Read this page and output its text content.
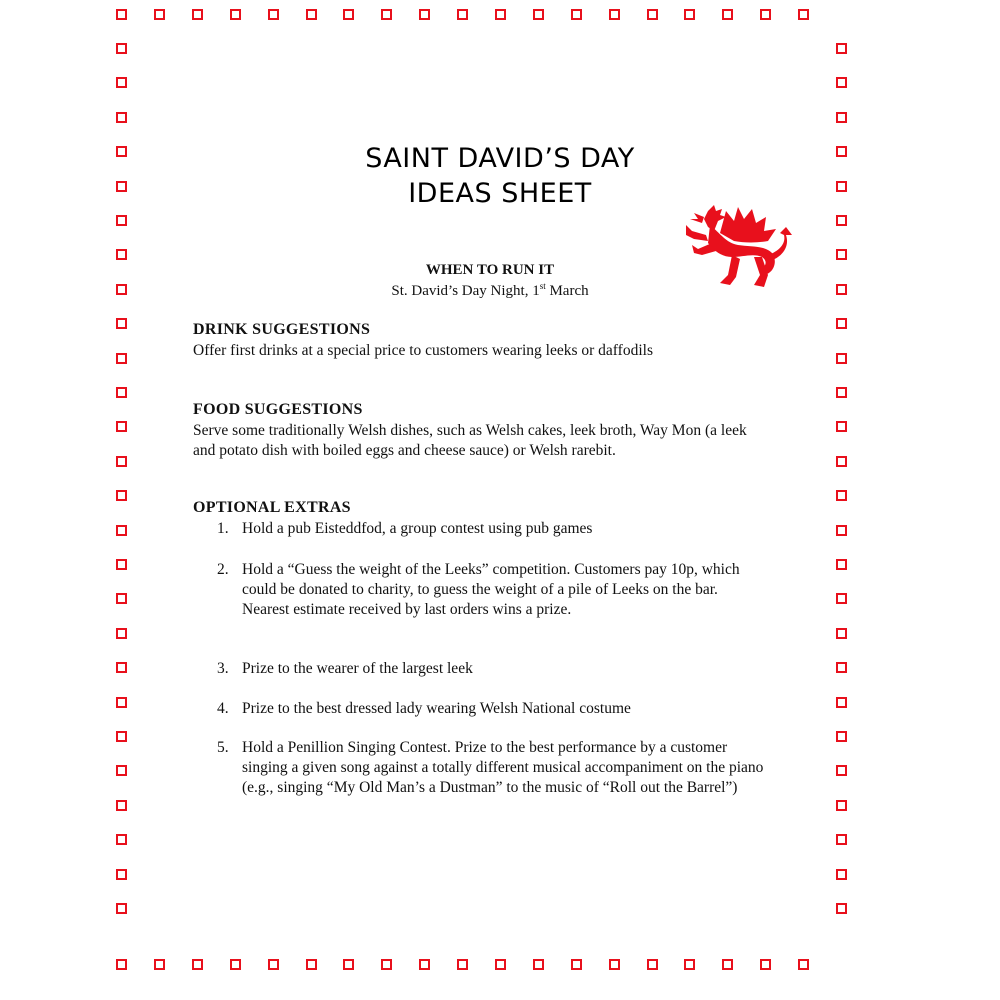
SAINT DAVID’S DAY
IDEAS SHEET
WHEN TO RUN IT
St. David’s Day Night, 1st March
DRINK SUGGESTIONS
Offer first drinks at a special price to customers wearing leeks or daffodils
FOOD SUGGESTIONS
Serve some traditionally Welsh dishes, such as Welsh cakes, leek broth, Way Mon (a leek and potato dish with boiled eggs and cheese sauce) or Welsh rarebit.
OPTIONAL EXTRAS
1. Hold a pub Eisteddfod, a group contest using pub games
2. Hold a “Guess the weight of the Leeks” competition. Customers pay 10p, which could be donated to charity, to guess the weight of a pile of Leeks on the bar. Nearest estimate received by last orders wins a prize.
3. Prize to the wearer of the largest leek
4. Prize to the best dressed lady wearing Welsh National costume
5. Hold a Penillion Singing Contest. Prize to the best performance by a customer singing a given song against a totally different musical accompaniment on the piano (e.g., singing “My Old Man’s a Dustman” to the music of “Roll out the Barrel”)
